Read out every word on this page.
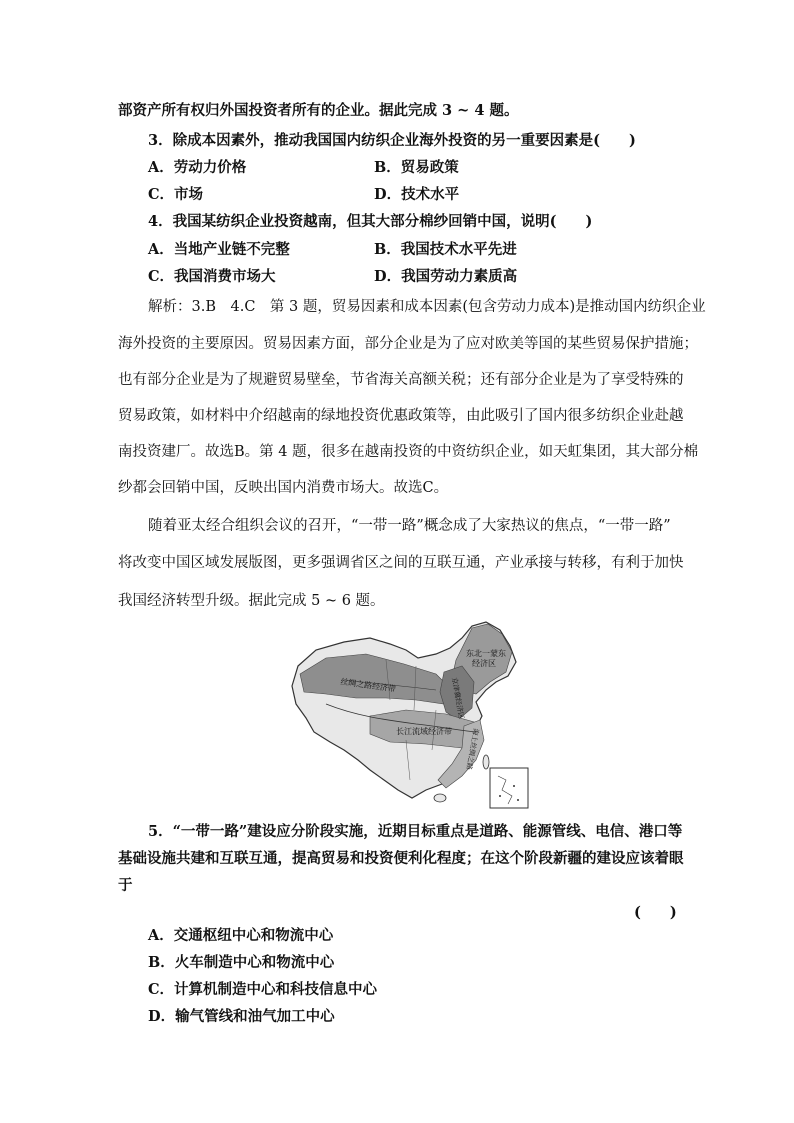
部资产所有权归外国投资者所有的企业。据此完成 3 ~ 4 题。
3．除成本因素外，推动我国国内纺织企业海外投资的另一重要因素是(　　)
A．劳动力价格	B．贸易政策
C．市场	D．技术水平
4．我国某纺织企业投资越南，但其大部分棉纱回销中国，说明(　　)
A．当地产业链不完整	B．我国技术水平先进
C．我国消费市场大	D．我国劳动力素质高
解析：3.B　4.C　第 3 题，贸易因素和成本因素(包含劳动力成本)是推动国内纺织企业
海外投资的主要原因。贸易因素方面，部分企业是为了应对欧美等国的某些贸易保护措施；
也有部分企业是为了规避贸易壁垒，节省海关高额关税；还有部分企业是为了享受特殊的
贸易政策，如材料中介绍越南的绿地投资优惠政策等，由此吸引了国内很多纺织企业赴越
南投资建厂。故选B。第 4 题，很多在越南投资的中资纺织企业，如天虹集团，其大部分棉
纱都会回销中国，反映出国内消费市场大。故选C。
随着亚太经合组织会议的召开，“一带一路”概念成了大家热议的焦点，“一带一路”
将改变中国区域发展版图，更多强调省区之间的互联互通，产业承接与转移，有利于加快
我国经济转型升级。据此完成 5 ~ 6 题。
东北一蒙东
经济区
丝绸之路经济带	京津冀经济区
长江流域经济带 海上丝绸之路
5．“一带一路”建设应分阶段实施，近期目标重点是道路、能源管线、电信、港口等
基础设施共建和互联互通，提高贸易和投资便利化程度；在这个阶段新疆的建设应该着眼
于
(　　)
A．交通枢纽中心和物流中心
B．火车制造中心和物流中心
C．计算机制造中心和科技信息中心
D．输气管线和油气加工中心
